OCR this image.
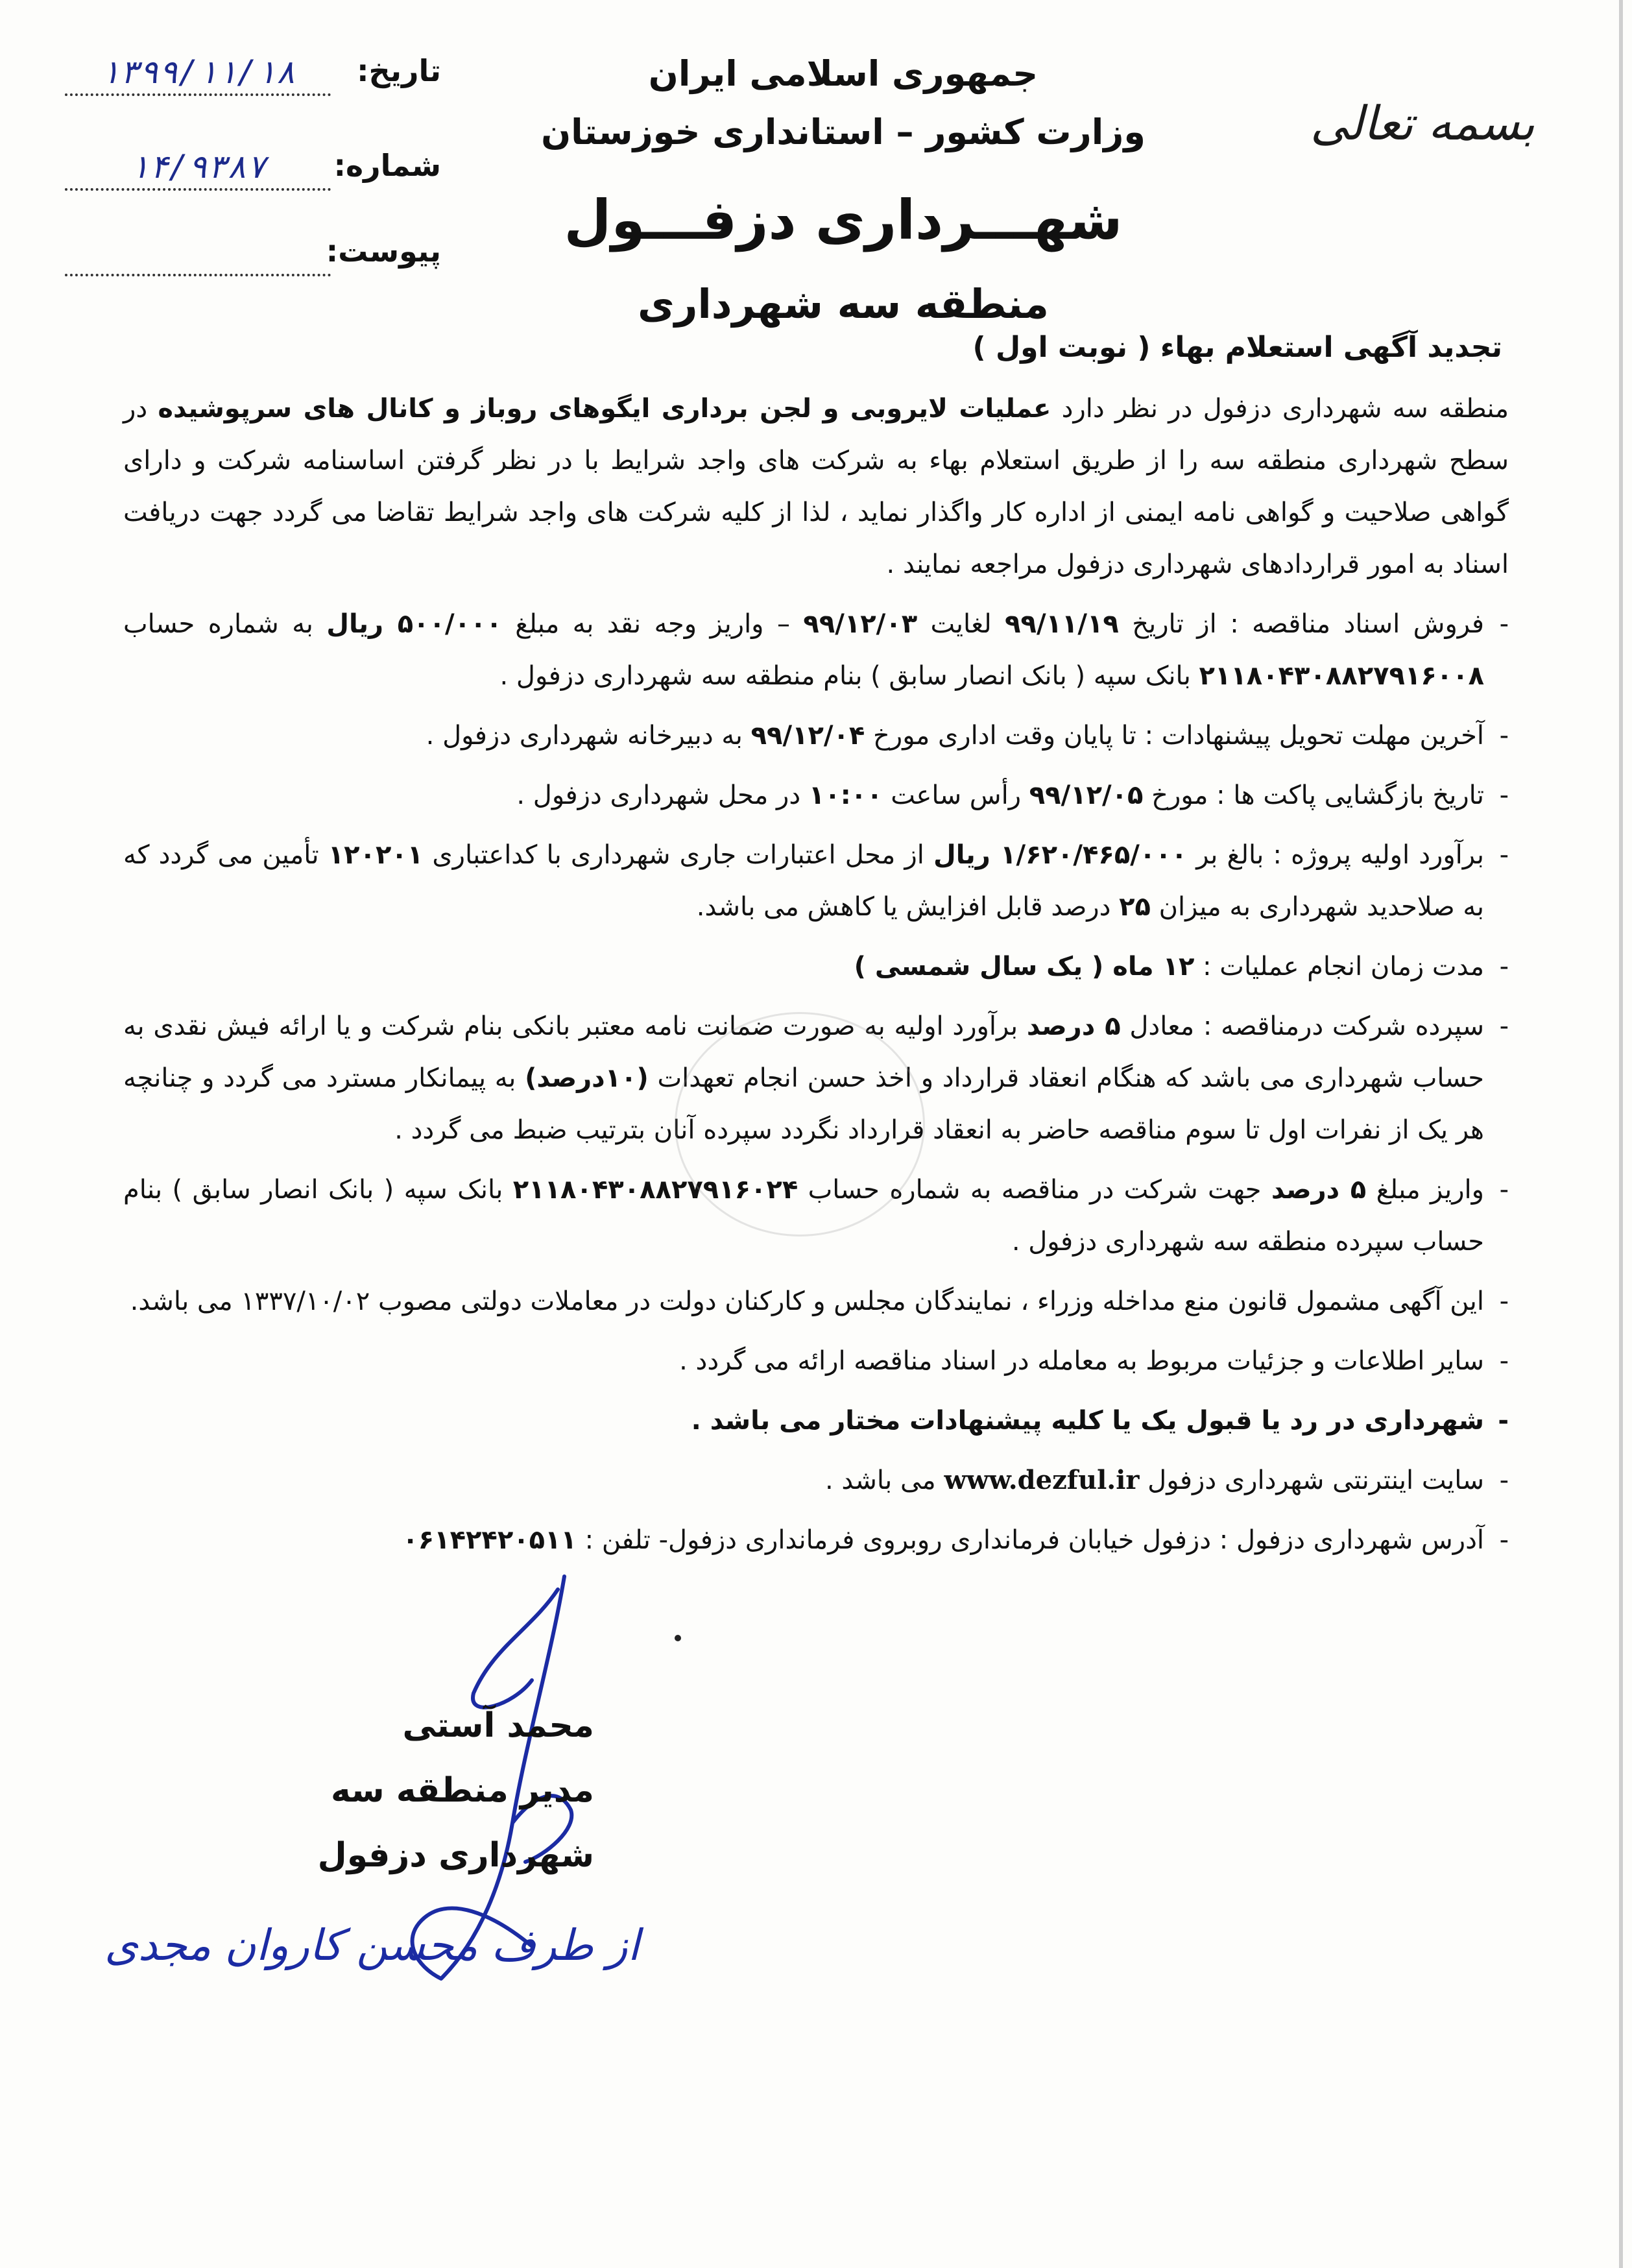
بسمه تعالی
جمهوری اسلامی ایران
وزارت کشور – استانداری خوزستان
شهـــرداری دزفـــول
منطقه سه شهرداری
تاریخ:
۱۳۹۹/۱۱/۱۸
شماره:
۱۴/۹۳۸۷
پیوست:
تجدید آگهی استعلام بهاء ( نوبت اول )

منطقه سه شهرداری دزفول در نظر دارد عملیات لایروبی و لجن برداری ایگوهای روباز و کانال های سرپوشیده در سطح شهرداری منطقه سه را از طریق استعلام بهاء به شرکت های واجد شرایط با در نظر گرفتن اساسنامه شرکت و دارای گواهی صلاحیت و گواهی نامه ایمنی از اداره کار واگذار نماید ، لذا از کلیه شرکت های واجد شرایط تقاضا می گردد جهت دریافت اسناد به امور قراردادهای شهرداری دزفول مراجعه نمایند .

- فروش اسناد مناقصه : از تاریخ ۹۹/۱۱/۱۹ لغایت ۹۹/۱۲/۰۳ – واریز وجه نقد به مبلغ ۵۰۰/۰۰۰ ریال به شماره حساب ۲۱۱۸۰۴۳۰۸۸۲۷۹۱۶۰۰۸ بانک سپه ( بانک انصار سابق ) بنام منطقه سه شهرداری دزفول .

- آخرین مهلت تحویل پیشنهادات : تا پایان وقت اداری مورخ ۹۹/۱۲/۰۴ به دبیرخانه شهرداری دزفول .

- تاریخ بازگشایی پاکت ها : مورخ ۹۹/۱۲/۰۵ رأس ساعت ۱۰:۰۰ در محل شهرداری دزفول .

- برآورد اولیه پروژه : بالغ بر ۱/۶۲۰/۴۶۵/۰۰۰ ریال از محل اعتبارات جاری شهرداری با کداعتباری ۱۲۰۲۰۱ تأمین می گردد که به صلاحدید شهرداری به میزان ۲۵ درصد قابل افزایش یا کاهش می باشد.

- مدت زمان انجام عملیات : ۱۲ ماه ( یک سال شمسی )

- سپرده شرکت درمناقصه : معادل ۵ درصد برآورد اولیه به صورت ضمانت نامه معتبر بانکی بنام شرکت و یا ارائه فیش نقدی به حساب شهرداری می باشد که هنگام انعقاد قرارداد و اخذ حسن انجام تعهدات (۱۰درصد) به پیمانکار مسترد می گردد و چنانچه هر یک از نفرات اول تا سوم مناقصه حاضر به انعقاد قرارداد نگردد سپرده آنان بترتیب ضبط می گردد .

- واریز مبلغ ۵ درصد جهت شرکت در مناقصه به شماره حساب ۲۱۱۸۰۴۳۰۸۸۲۷۹۱۶۰۲۴ بانک سپه ( بانک انصار سابق ) بنام حساب سپرده منطقه سه شهرداری دزفول .

- این آگهی مشمول قانون منع مداخله وزراء ، نمایندگان مجلس و کارکنان دولت در معاملات دولتی مصوب ۱۳۳۷/۱۰/۰۲ می باشد.

- سایر اطلاعات و جزئیات مربوط به معامله در اسناد مناقصه ارائه می گردد .

- شهرداری در رد یا قبول یک یا کلیه پیشنهادات مختار می باشد .

- سایت اینترنتی شهرداری دزفول www.dezful.ir می باشد .

- آدرس شهرداری دزفول : دزفول خیابان فرمانداری روبروی فرمانداری دزفول- تلفن : ۰۶۱۴۲۴۲۰۵۱۱

محمد آستی
مدیر منطقه سه
شهرداری دزفول
از طرف محسن کاروان مجدی
